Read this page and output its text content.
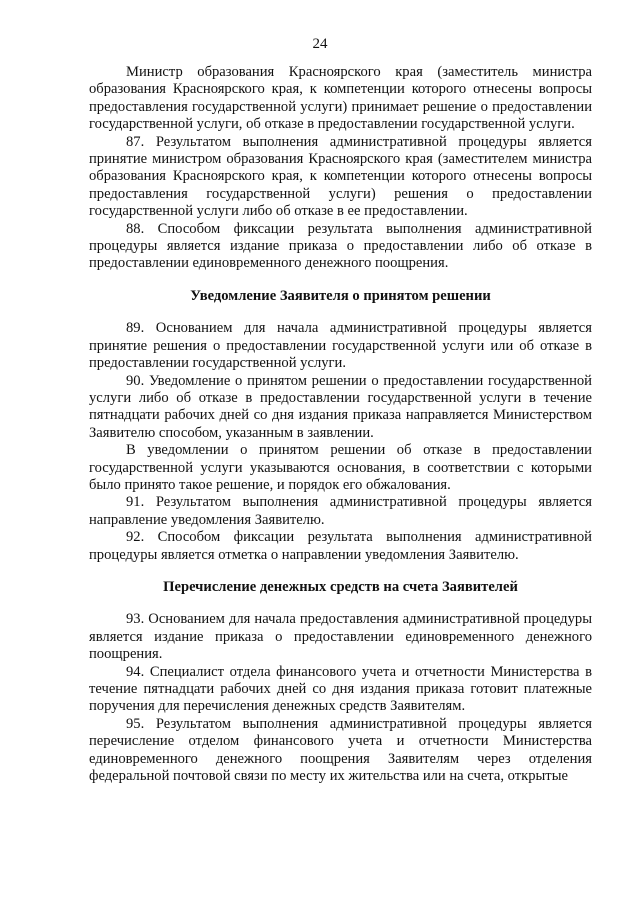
24

Министр образования Красноярского края (заместитель министра образования Красноярского края, к компетенции которого отнесены вопросы предоставления государственной услуги) принимает решение о предоставлении государственной услуги, об отказе в предоставлении государственной услуги.

87. Результатом выполнения административной процедуры является принятие министром образования Красноярского края (заместителем министра образования Красноярского края, к компетенции которого отнесены вопросы предоставления государственной услуги) решения о предоставлении государственной услуги либо об отказе в ее предоставлении.

88. Способом фиксации результата выполнения административной процедуры является издание приказа о предоставлении либо об отказе в предоставлении единовременного денежного поощрения.

Уведомление Заявителя о принятом решении

89. Основанием для начала административной процедуры является принятие решения о предоставлении государственной услуги или об отказе в предоставлении государственной услуги.

90. Уведомление о принятом решении о предоставлении государственной услуги либо об отказе в предоставлении государственной услуги в течение пятнадцати рабочих дней со дня издания приказа направляется Министерством Заявителю способом, указанным в заявлении.

В уведомлении о принятом решении об отказе в предоставлении государственной услуги указываются основания, в соответствии с которыми было принято такое решение, и порядок его обжалования.

91. Результатом выполнения административной процедуры является направление уведомления Заявителю.

92. Способом фиксации результата выполнения административной процедуры является отметка о направлении уведомления Заявителю.

Перечисление денежных средств на счета Заявителей

93. Основанием для начала предоставления административной процедуры является издание приказа о предоставлении единовременного денежного поощрения.

94. Специалист отдела финансового учета и отчетности Министерства в течение пятнадцати рабочих дней со дня издания приказа готовит платежные поручения для перечисления денежных средств Заявителям.

95. Результатом выполнения административной процедуры является перечисление отделом финансового учета и отчетности Министерства единовременного денежного поощрения Заявителям через отделения федеральной почтовой связи по месту их жительства или на счета, открытые
